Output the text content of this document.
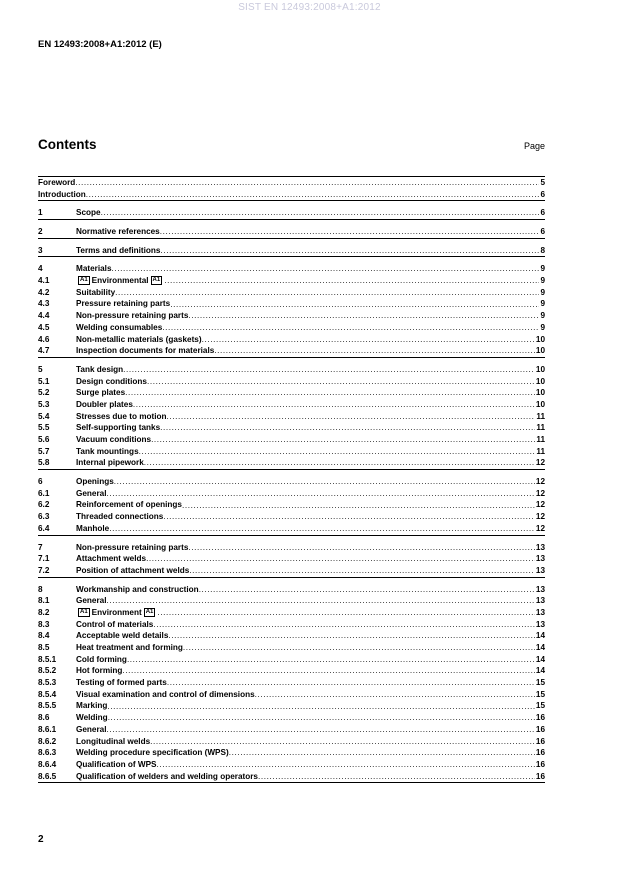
SIST EN 12493:2008+A1:2012
EN 12493:2008+A1:2012 (E)
Contents	Page
Foreword .....	5
Introduction .....	6
1	Scope .....	6
2	Normative references .....	6
3	Terms and definitions .....	8
4	Materials .....	9
4.1	A1 Environmental A1 .....	9
4.2	Suitability .....	9
4.3	Pressure retaining parts .....	9
4.4	Non-pressure retaining parts .....	9
4.5	Welding consumables .....	9
4.6	Non-metallic materials (gaskets) .....	10
4.7	Inspection documents for materials .....	10
5	Tank design .....	10
5.1	Design conditions .....	10
5.2	Surge plates .....	10
5.3	Doubler plates .....	10
5.4	Stresses due to motion .....	11
5.5	Self-supporting tanks .....	11
5.6	Vacuum conditions .....	11
5.7	Tank mountings .....	11
5.8	Internal pipework .....	12
6	Openings .....	12
6.1	General .....	12
6.2	Reinforcement of openings .....	12
6.3	Threaded connections .....	12
6.4	Manhole .....	12
7	Non-pressure retaining parts .....	13
7.1	Attachment welds .....	13
7.2	Position of attachment welds .....	13
8	Workmanship and construction .....	13
8.1	General .....	13
8.2	A1 Environment A1 .....	13
8.3	Control of materials .....	13
8.4	Acceptable weld details .....	14
8.5	Heat treatment and forming .....	14
8.5.1	Cold forming .....	14
8.5.2	Hot forming .....	14
8.5.3	Testing of formed parts .....	15
8.5.4	Visual examination and control of dimensions .....	15
8.5.5	Marking .....	15
8.6	Welding .....	16
8.6.1	General .....	16
8.6.2	Longitudinal welds .....	16
8.6.3	Welding procedure specification (WPS) .....	16
8.6.4	Qualification of WPS .....	16
8.6.5	Qualification of welders and welding operators .....	16
2
